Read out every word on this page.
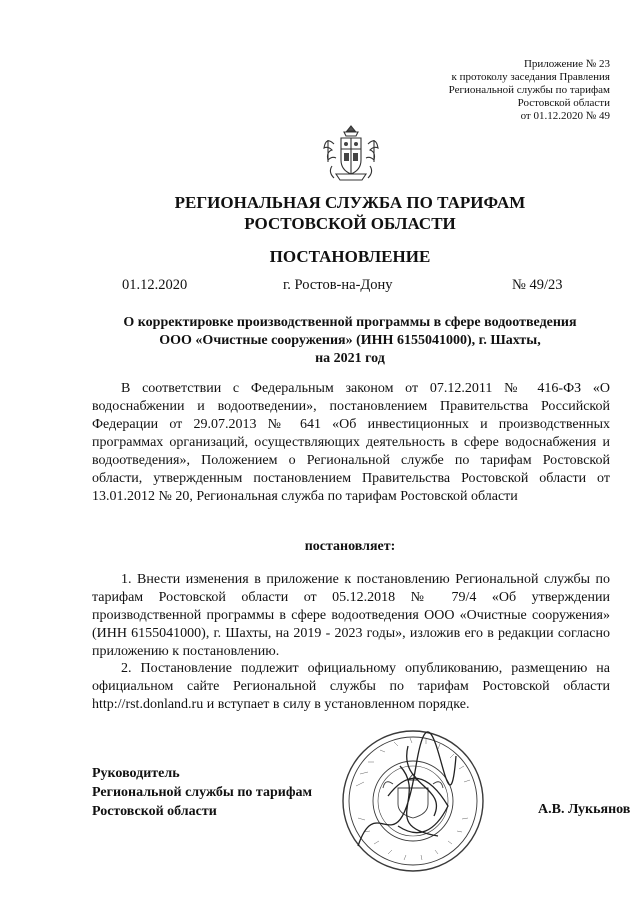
Приложение № 23
к протоколу заседания Правления
Региональной службы по тарифам
Ростовской области
от 01.12.2020 № 49
РЕГИОНАЛЬНАЯ СЛУЖБА ПО ТАРИФАМ
РОСТОВСКОЙ ОБЛАСТИ
ПОСТАНОВЛЕНИЕ
01.12.2020	г. Ростов-на-Дону	№ 49/23
О корректировке производственной программы в сфере водоотведения
ООО «Очистные сооружения» (ИНН 6155041000), г. Шахты,
на 2021 год
В соответствии с Федеральным законом от 07.12.2011 № 416-ФЗ «О водоснабжении и водоотведении», постановлением Правительства Российской Федерации от 29.07.2013 № 641 «Об инвестиционных и производственных программах организаций, осуществляющих деятельность в сфере водоснабжения и водоотведения», Положением о Региональной службе по тарифам Ростовской области, утвержденным постановлением Правительства Ростовской области от 13.01.2012 № 20, Региональная служба по тарифам Ростовской области
постановляет:
1. Внести изменения в приложение к постановлению Региональной службы по тарифам Ростовской области от 05.12.2018 № 79/4 «Об утверждении производственной программы в сфере водоотведения ООО «Очистные сооружения» (ИНН 6155041000), г. Шахты, на 2019 - 2023 годы», изложив его в редакции согласно приложению к постановлению.
2. Постановление подлежит официальному опубликованию, размещению на официальном сайте Региональной службы по тарифам Ростовской области http://rst.donland.ru и вступает в силу в установленном порядке.
Руководитель
Региональной службы по тарифам
Ростовской области	А.В. Лукьянов
